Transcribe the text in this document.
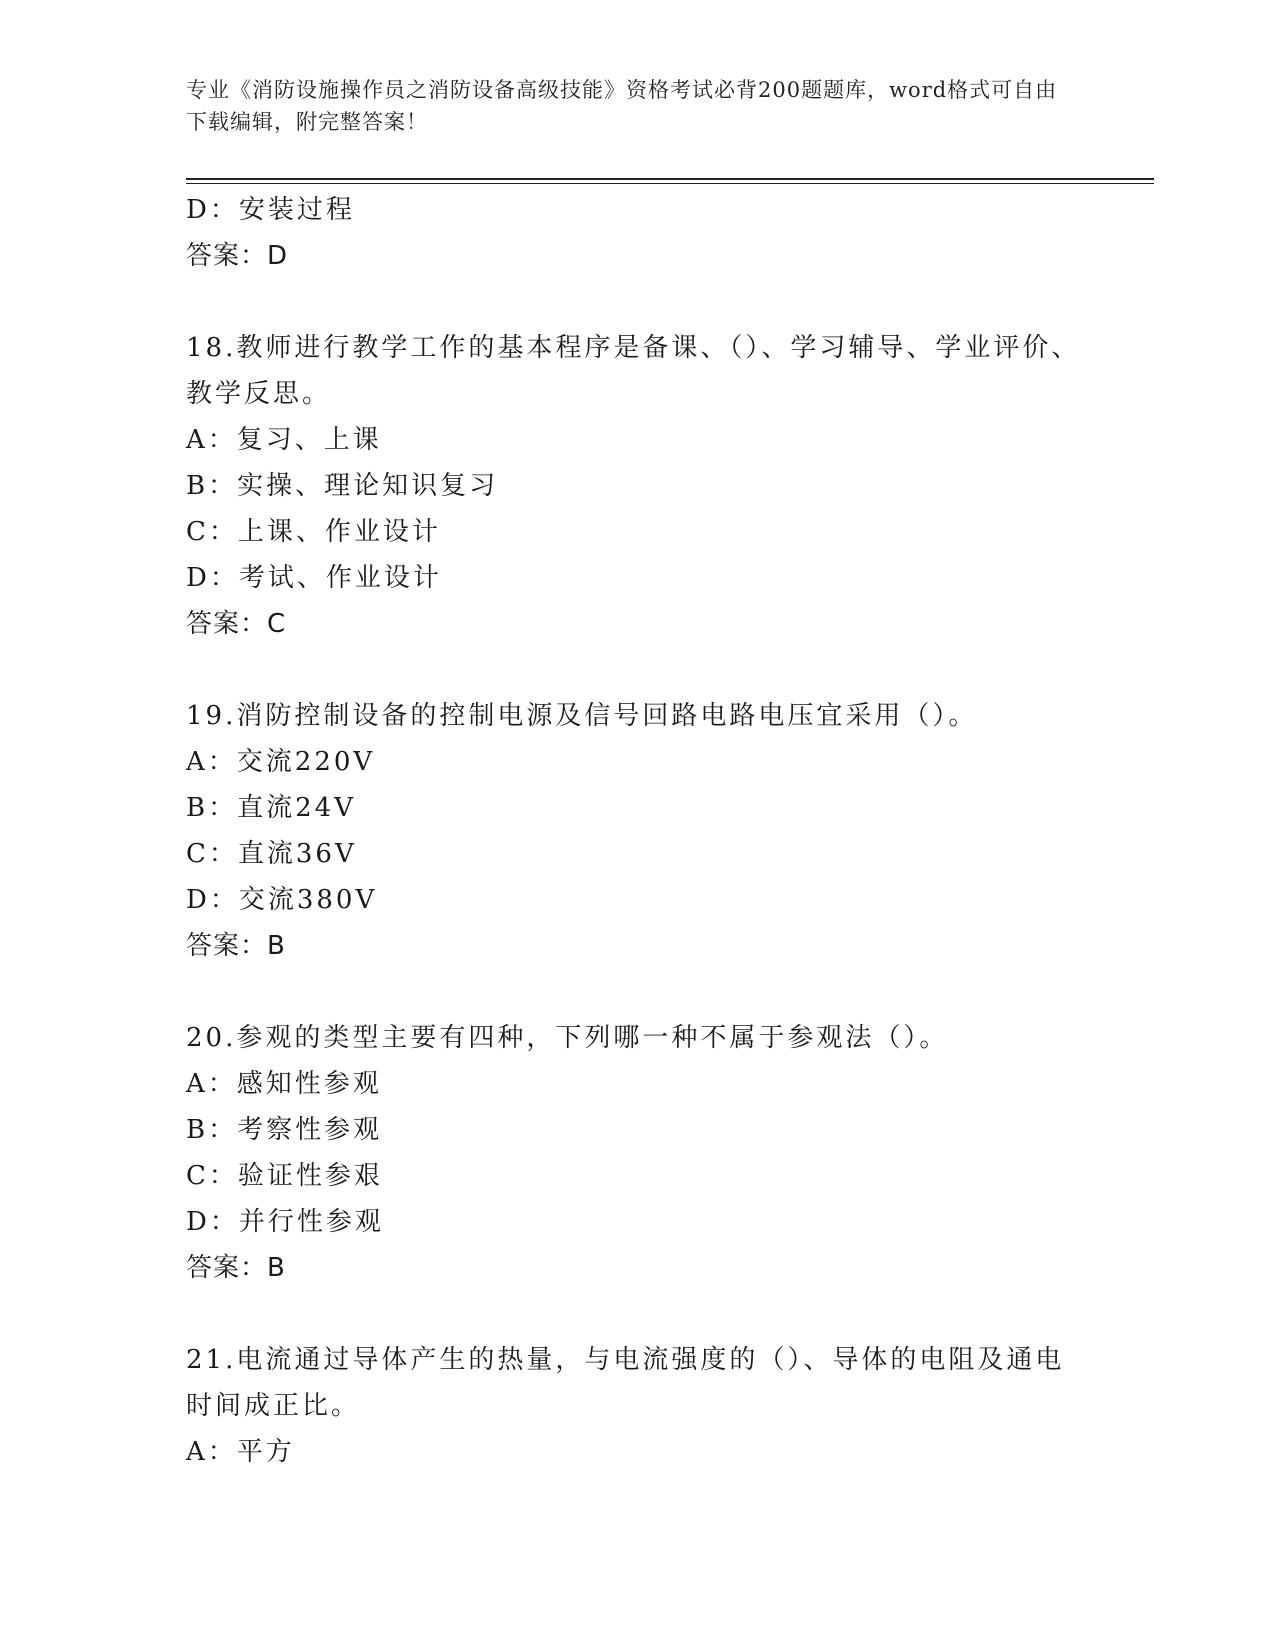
专业《消防设施操作员之消防设备高级技能》资格考试必背200题题库，word格式可自由下载编辑，附完整答案！
D：安装过程
答案：D
18.教师进行教学工作的基本程序是备课、（）、学习辅导、学业评价、教学反思。
A：复习、上课
B：实操、理论知识复习
C：上课、作业设计
D：考试、作业设计
答案：C
19.消防控制设备的控制电源及信号回路电路电压宜采用（）。
A：交流220V
B：直流24V
C：直流36V
D：交流380V
答案：B
20.参观的类型主要有四种，下列哪一种不属于参观法（）。
A：感知性参观
B：考察性参观
C：验证性参艰
D：并行性参观
答案：B
21.电流通过导体产生的热量，与电流强度的（）、导体的电阻及通电时间成正比。
A：平方
